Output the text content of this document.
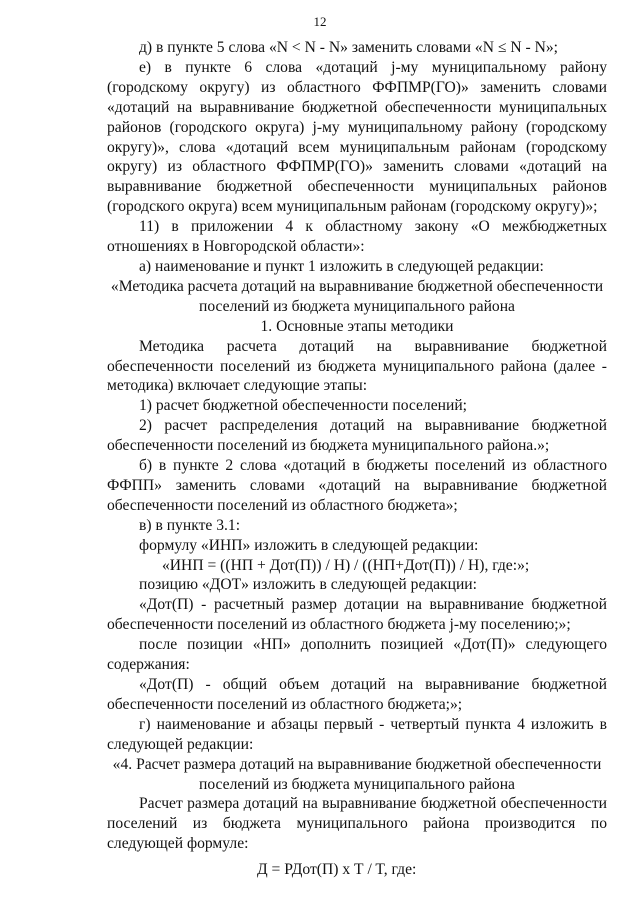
12

д) в пункте 5 слова «N < N - N» заменить словами «N ≤ N - N»;

е) в пункте 6 слова «дотаций j-му муниципальному району (городскому округу) из областного ФФПМР(ГО)» заменить словами «дотаций на выравнивание бюджетной обеспеченности муниципальных районов (городского округа) j-му муниципальному району (городскому округу)», слова «дотаций всем муниципальным районам (городскому округу) из областного ФФПМР(ГО)» заменить словами «дотаций на выравнивание бюджетной обеспеченности муниципальных районов (городского округа) всем муниципальным районам (городскому округу)»;

11) в приложении 4 к областному закону «О межбюджетных отношениях в Новгородской области»:

а) наименование и пункт 1 изложить в следующей редакции:

«Методика расчета дотаций на выравнивание бюджетной обеспеченности

поселений из бюджета муниципального района

1. Основные этапы методики

Методика расчета дотаций на выравнивание бюджетной обеспеченности поселений из бюджета муниципального района (далее - методика) включает следующие этапы:

1) расчет бюджетной обеспеченности поселений;

2) расчет распределения дотаций на выравнивание бюджетной обеспеченности поселений из бюджета муниципального района.»;

б) в пункте 2 слова «дотаций в бюджеты поселений из областного ФФПП» заменить словами «дотаций на выравнивание бюджетной обеспеченности поселений из областного бюджета»;

в) в пункте 3.1:

формулу «ИНП» изложить в следующей редакции:

«ИНП = ((НП + Дот(П)) / Н) / ((НП+Дот(П)) / Н), где:»;

позицию «ДОТ» изложить в следующей редакции:

«Дот(П) - расчетный размер дотации на выравнивание бюджетной обеспеченности поселений из областного бюджета j-му поселению;»;

после позиции «НП» дополнить позицией «Дот(П)» следующего содержания:

«Дот(П) - общий объем дотаций на выравнивание бюджетной обеспеченности поселений из областного бюджета;»;

г) наименование и абзацы первый - четвертый пункта 4 изложить в следующей редакции:

«4. Расчет размера дотаций на выравнивание бюджетной обеспеченности

поселений из бюджета муниципального района

Расчет размера дотаций на выравнивание бюджетной обеспеченности поселений из бюджета муниципального района производится по следующей формуле:

Д = РДот(П) х T / T, где:
